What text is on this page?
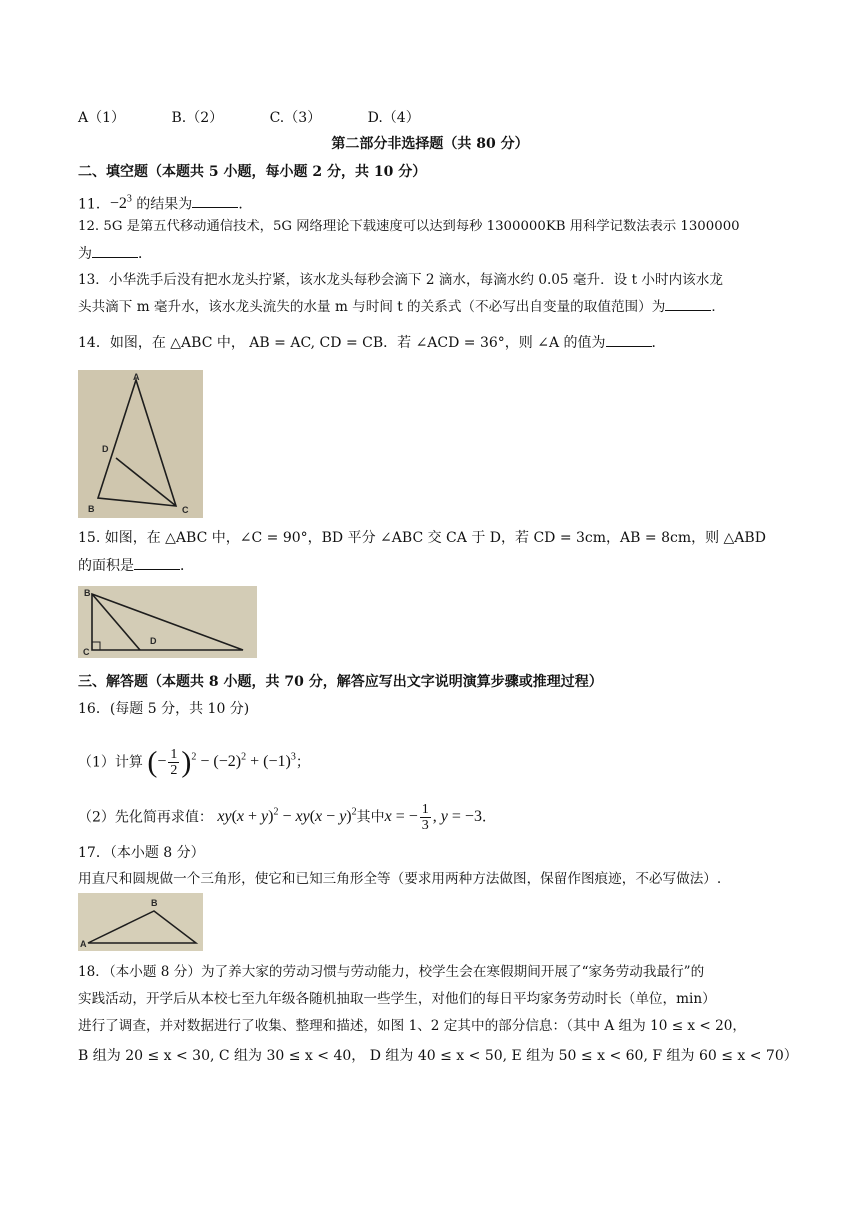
A（1）	B.（2）	C.（3）	D.（4）
第二部分非选择题（共 80 分）
二、填空题（本题共 5 小题，每小题 2 分，共 10 分）
11．$-2^3$ 的结果为	．
12. 5G 是第五代移动通信技术，5G 网络理论下载速度可以达到每秒 1300000KB 用科学记数法表示 1300000
为	．
13．小华洗手后没有把水龙头拧紧，该水龙头每秒会滴下 2 滴水，每滴水约 0.05 毫升．设 t 小时内该水龙
头共滴下 m 毫升水，该水龙头流失的水量 m 与时间 t 的关系式（不必写出自变量的取值范围）为	．
14．如图，在 △ABC 中， AB = AC, CD = CB．若 ∠ACD = 36°，则 ∠A 的值为	．
A
D
B	C
15. 如图，在 △ABC 中，∠C = 90°，BD 平分 ∠ABC 交 CA 于 D，若 CD = 3cm，AB = 8cm，则 △ABD
的面积是	．
B
C
D
三、解答题（本题共 8 小题，共 70 分，解答应写出文字说明演算步骤或推理过程）
16．(每题 5 分，共 10 分)
（1）计算 (− $\frac{1}{2} )^2 - (-2)^2 + (-1)^3$；
（2）先化简再求值： $xy(x + y)^2 - xy(x - y)^2$其中x = − $\frac{1}{3}$ , y = −3．
17．（本小题 8 分）
用直尺和圆规做一个三角形，使它和已知三角形全等（要求用两种方法做图，保留作图痕迹，不必写做法）.
B
A
18．（本小题 8 分）为了养大家的劳动习惯与劳动能力，校学生会在寒假期间开展了“家务劳动我最行”的
实践活动，开学后从本校七至九年级各随机抽取一些学生，对他们的每日平均家务劳动时长（单位，min）
进行了调查，并对数据进行了收集、整理和描述，如图 1、2 定其中的部分信息：（其中 A 组为 10 ≤ x < 20，
B 组为 20 ≤ x < 30, C 组为 30 ≤ x < 40， D 组为 40 ≤ x < 50, E 组为 50 ≤ x < 60, F 组为 60 ≤ x < 70）
